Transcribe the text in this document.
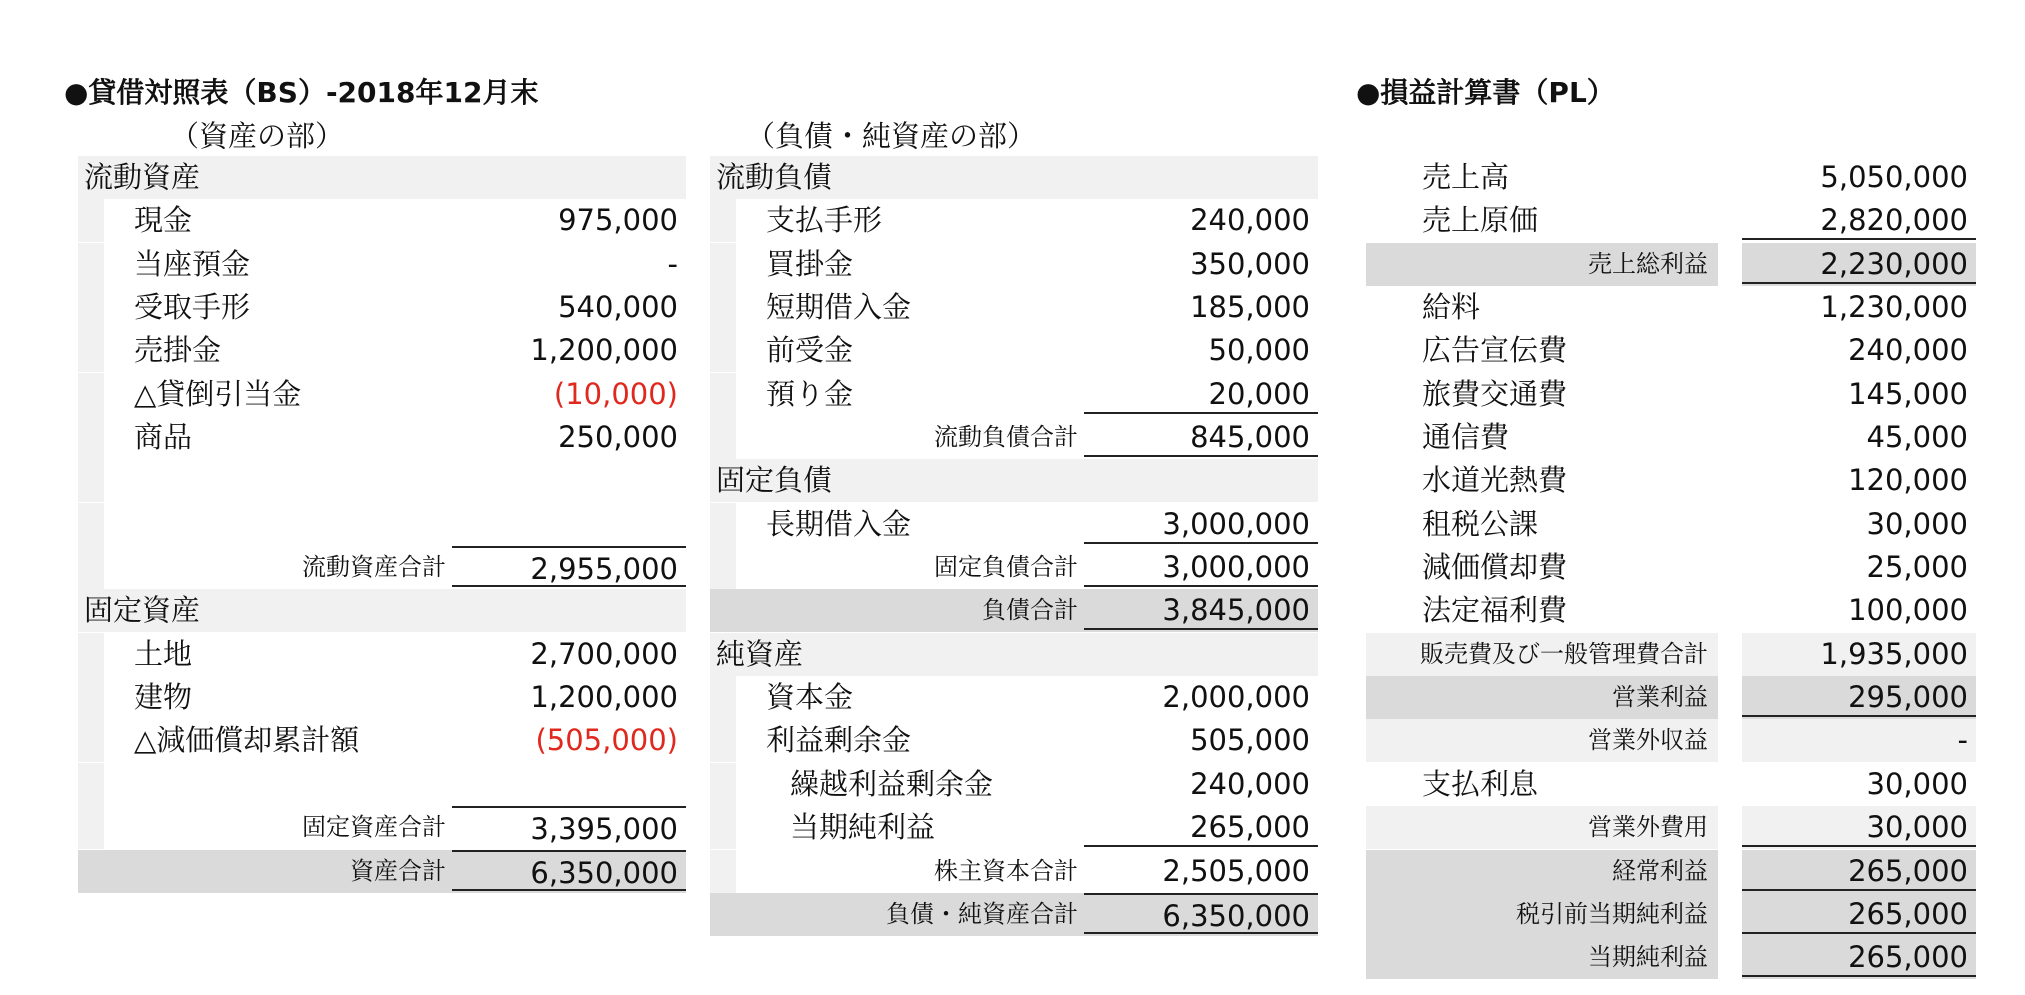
●貸借対照表（BS）-2018年12月末	●損益計算書（PL）
（資産の部）	（負債・純資産の部）
流動資産
現金	975,000
当座預金	-
受取手形	540,000
売掛金	1,200,000
△貸倒引当金	(10,000)
商品	250,000
流動資産合計	2,955,000
固定資産
土地	2,700,000
建物	1,200,000
△減価償却累計額	(505,000)
固定資産合計	3,395,000
資産合計	6,350,000
流動負債
支払手形	240,000
買掛金	350,000
短期借入金	185,000
前受金	50,000
預り金	20,000
流動負債合計	845,000
固定負債
長期借入金	3,000,000
固定負債合計	3,000,000
負債合計	3,845,000
純資産
資本金	2,000,000
利益剰余金	505,000
繰越利益剰余金	240,000
当期純利益	265,000
株主資本合計	2,505,000
負債・純資産合計	6,350,000
売上高	5,050,000
売上原価	2,820,000
売上総利益	2,230,000
給料	1,230,000
広告宣伝費	240,000
旅費交通費	145,000
通信費	45,000
水道光熱費	120,000
租税公課	30,000
減価償却費	25,000
法定福利費	100,000
販売費及び一般管理費合計	1,935,000
営業利益	295,000
営業外収益	-
支払利息	30,000
営業外費用	30,000
経常利益	265,000
税引前当期純利益	265,000
当期純利益	265,000
